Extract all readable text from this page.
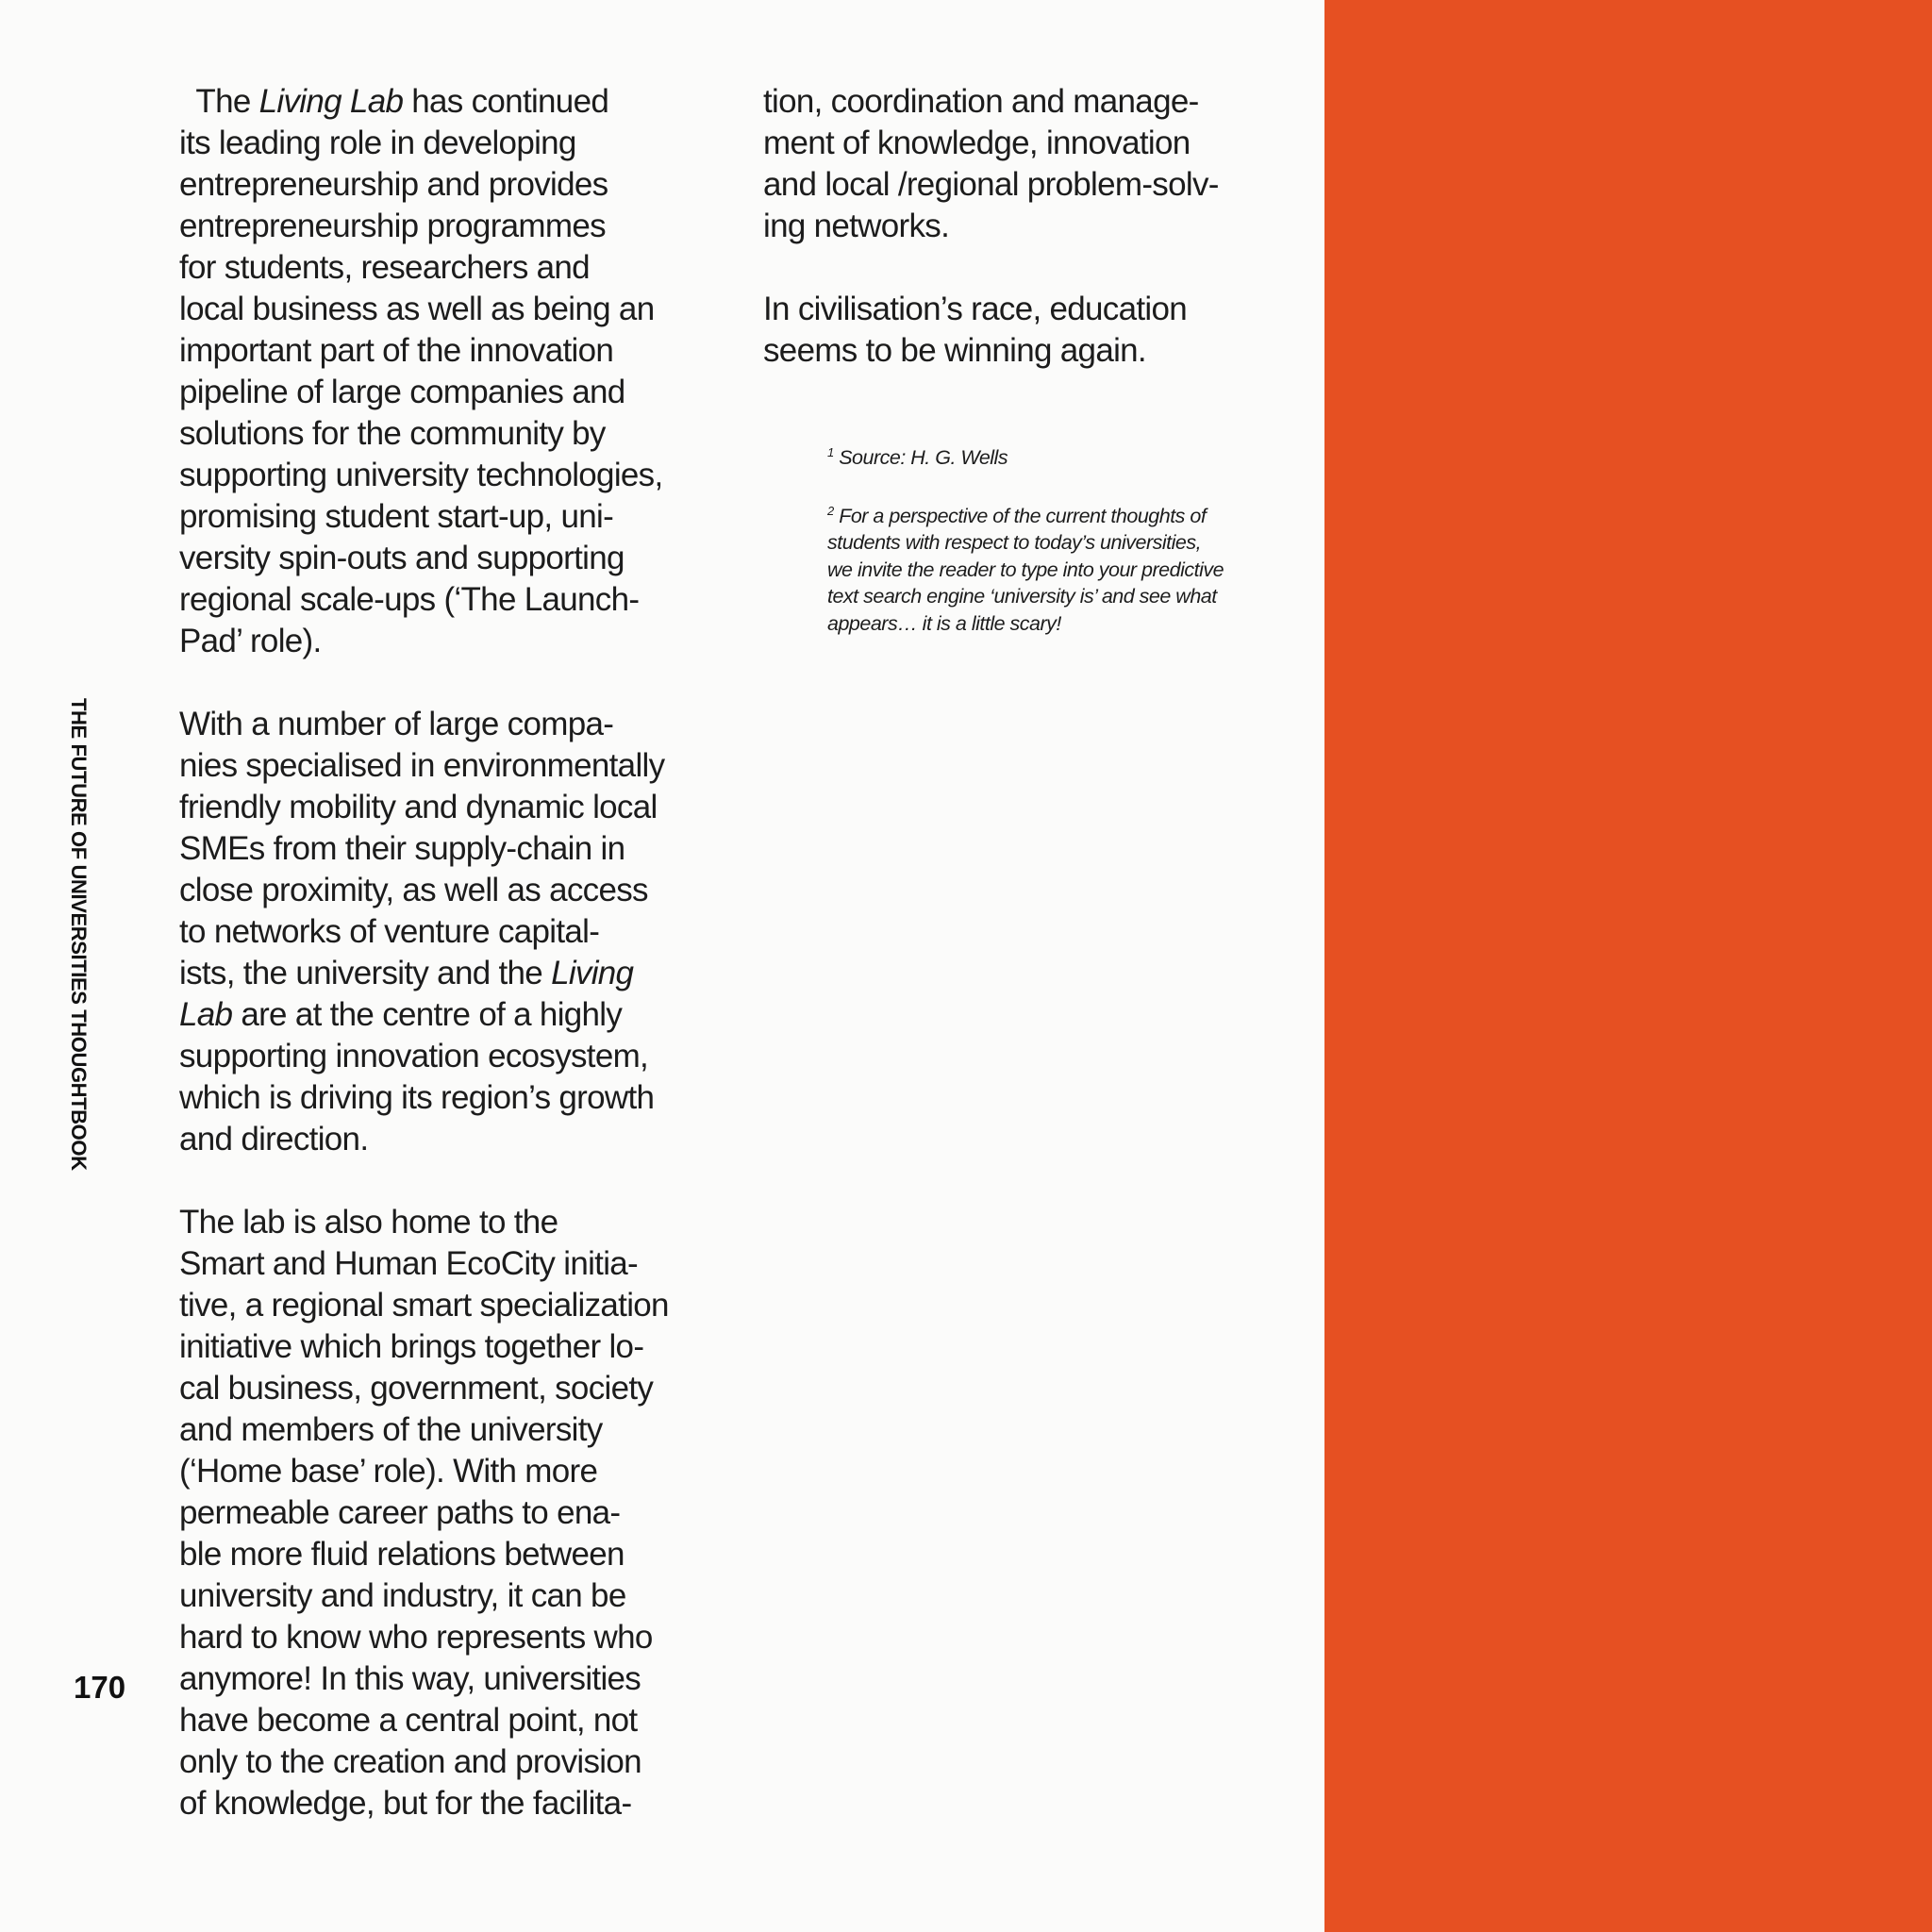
THE FUTURE OF UNIVERSITIES THOUGHTBOOK
170

The Living Lab has continued
its leading role in developing
entrepreneurship and provides
entrepreneurship programmes
for students, researchers and
local business as well as being an
important part of the innovation
pipeline of large companies and
solutions for the community by
supporting university technologies,
promising student start-up, uni-
versity spin-outs and supporting
regional scale-ups (‘The Launch-
Pad’ role).

With a number of large compa-
nies specialised in environmentally
friendly mobility and dynamic local
SMEs from their supply-chain in
close proximity, as well as access
to networks of venture capital-
ists, the university and the Living
Lab are at the centre of a highly
supporting innovation ecosystem,
which is driving its region’s growth
and direction.

The lab is also home to the
Smart and Human EcoCity initia-
tive, a regional smart specialization
initiative which brings together lo-
cal business, government, society
and members of the university
(‘Home base’ role). With more
permeable career paths to ena-
ble more fluid relations between
university and industry, it can be
hard to know who represents who
anymore! In this way, universities
have become a central point, not
only to the creation and provision
of knowledge, but for the facilita-

tion, coordination and manage-
ment of knowledge, innovation
and local /regional problem-solv-
ing networks.

In civilisation’s race, education
seems to be winning again.

$^1$ Source: H. G. Wells

$^2$ For a perspective of the current thoughts of
students with respect to today’s universities,
we invite the reader to type into your predictive
text search engine ‘university is’ and see what
appears… it is a little scary!
